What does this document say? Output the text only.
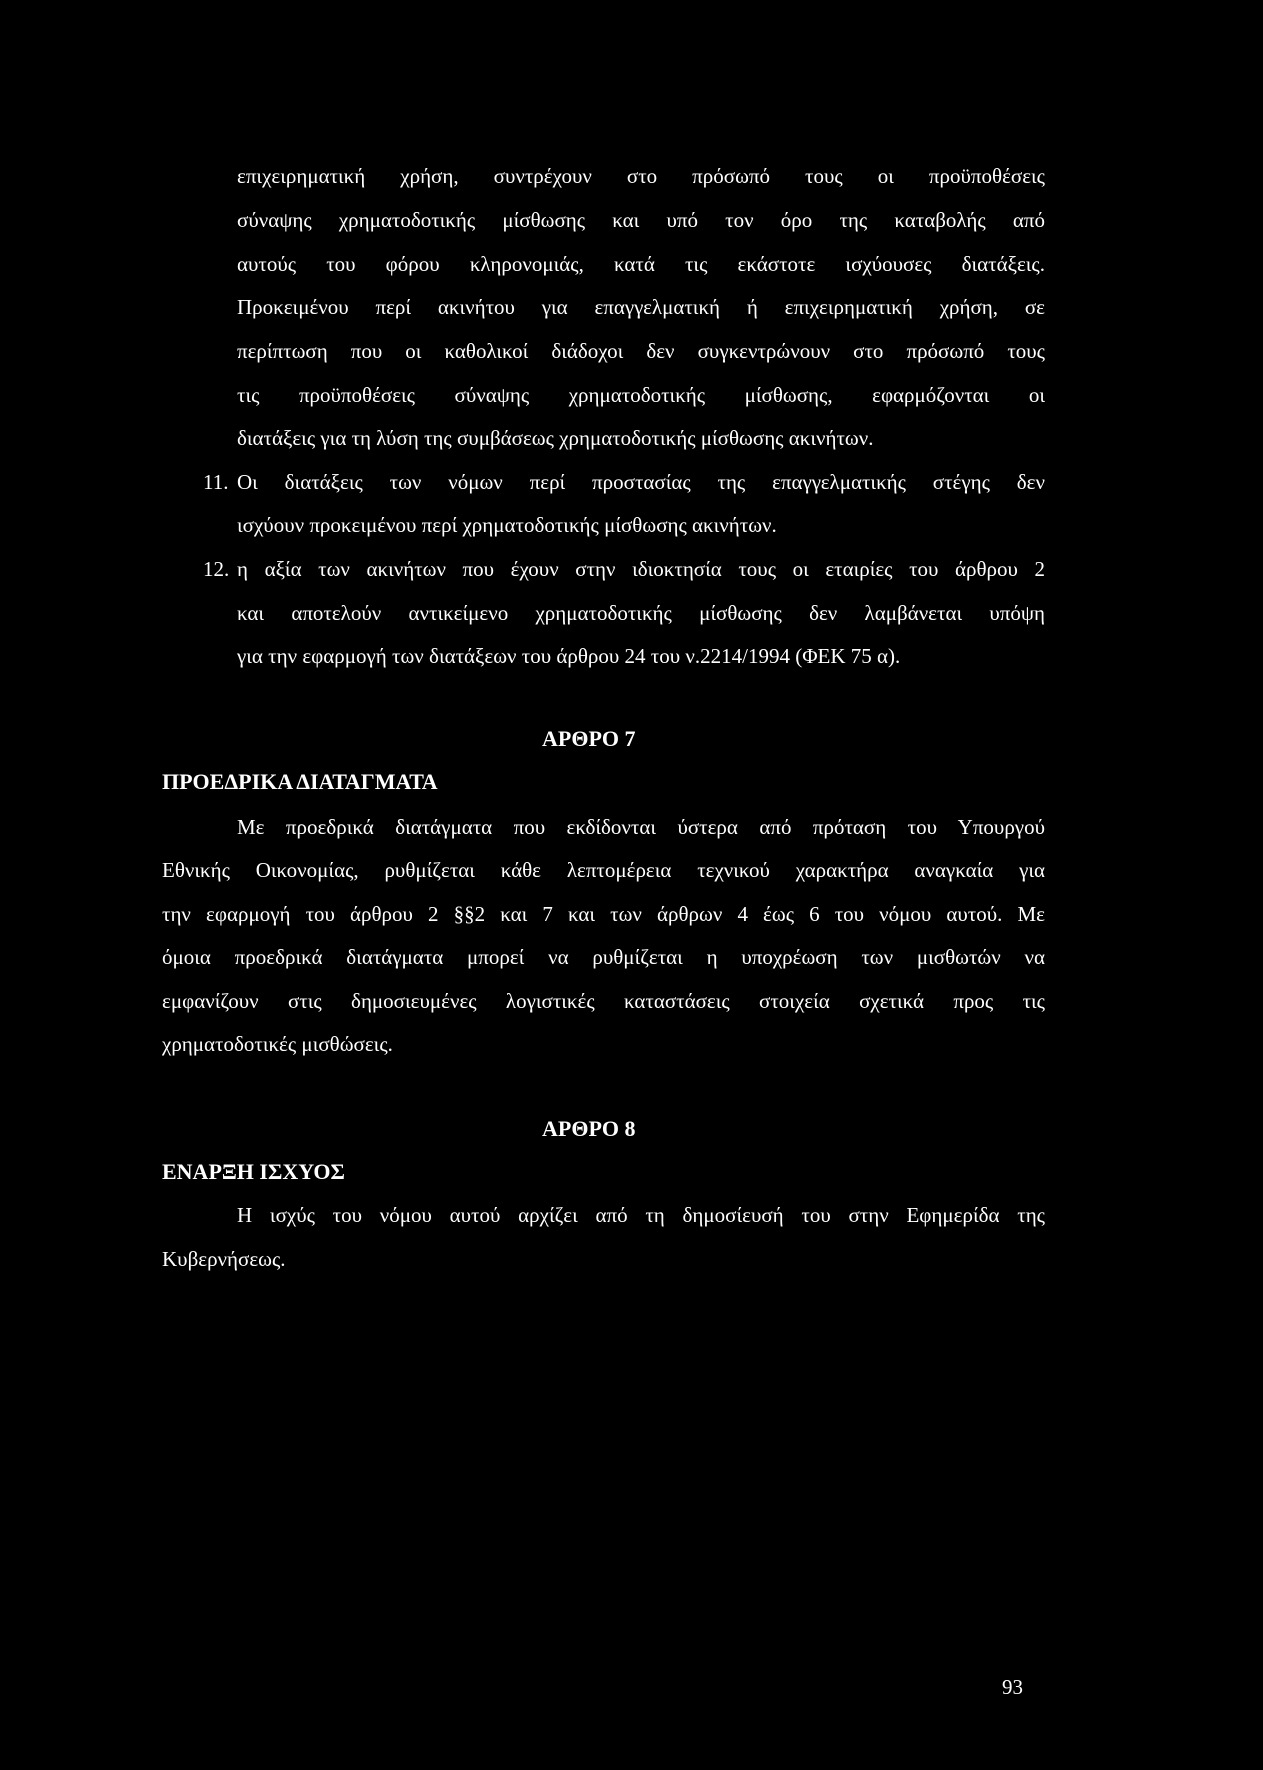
επιχειρηματική χρήση, συντρέχουν στο πρόσωπό τους οι προϋποθέσεις
σύναψης χρηματοδοτικής μίσθωσης και υπό τον όρο της καταβολής από
αυτούς του φόρου κληρονομιάς, κατά τις εκάστοτε ισχύουσες διατάξεις.
Προκειμένου περί ακινήτου για επαγγελματική ή επιχειρηματική χρήση, σε
περίπτωση που οι καθολικοί διάδοχοι δεν συγκεντρώνουν στο πρόσωπό τους
τις προϋποθέσεις σύναψης χρηματοδοτικής μίσθωσης, εφαρμόζονται οι
διατάξεις για τη λύση της συμβάσεως χρηματοδοτικής μίσθωσης ακινήτων.
11. Οι διατάξεις των νόμων περί προστασίας της επαγγελματικής στέγης δεν
ισχύουν προκειμένου περί χρηματοδοτικής μίσθωσης ακινήτων.
12. η αξία των ακινήτων που έχουν στην ιδιοκτησία τους οι εταιρίες του άρθρου 2
και αποτελούν αντικείμενο χρηματοδοτικής μίσθωσης δεν λαμβάνεται υπόψη
για την εφαρμογή των διατάξεων του άρθρου 24 του ν.2214/1994 (ΦΕΚ 75 α).
ΑΡΘΡΟ 7
ΠΡΟΕΔΡΙΚΑ ΔΙΑΤΑΓΜΑΤΑ
Με προεδρικά διατάγματα που εκδίδονται ύστερα από πρόταση του Υπουργού
Εθνικής Οικονομίας, ρυθμίζεται κάθε λεπτομέρεια τεχνικού χαρακτήρα αναγκαία για
την εφαρμογή του άρθρου 2 §§2 και 7 και των άρθρων 4 έως 6 του νόμου αυτού. Με
όμοια προεδρικά διατάγματα μπορεί να ρυθμίζεται η υποχρέωση των μισθωτών να
εμφανίζουν στις δημοσιευμένες λογιστικές καταστάσεις στοιχεία σχετικά προς τις
χρηματοδοτικές μισθώσεις.
ΑΡΘΡΟ 8
ΕΝΑΡΞΗ ΙΣΧΥΟΣ
Η ισχύς του νόμου αυτού αρχίζει από τη δημοσίευσή του στην Εφημερίδα της
Κυβερνήσεως.
93
